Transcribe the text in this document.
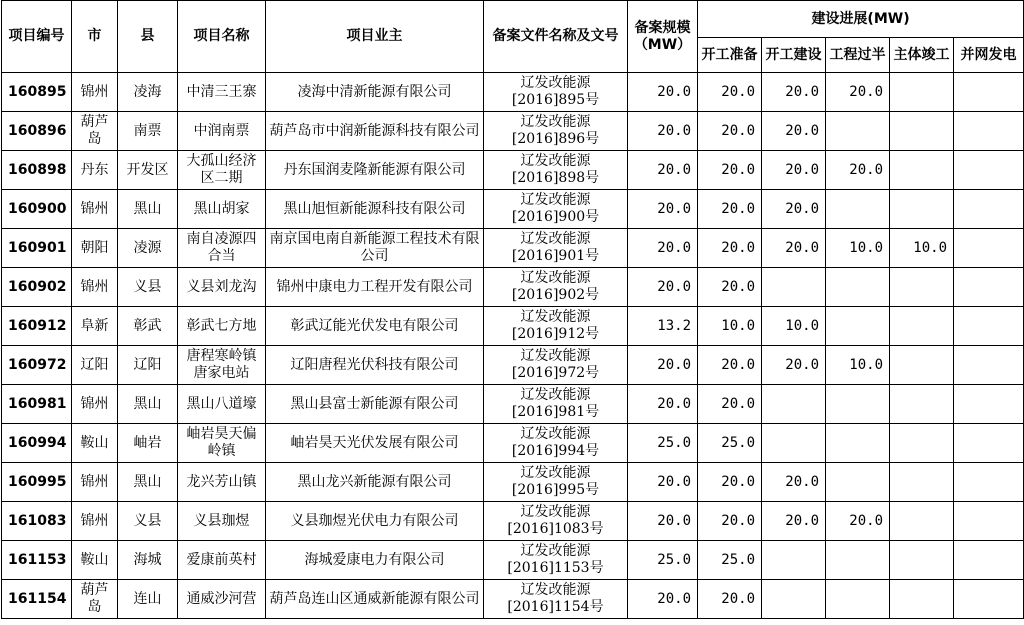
项目编号	市	县	项目名称	项目业主	备案文件名称及文号	备案规模（MW）	建设进展(MW)				
							开工准备	开工建设	工程过半	主体竣工	并网发电
160895	锦州	凌海	中清三王寨	凌海中清新能源有限公司	辽发改能源
[2016]895号	20.0	20.0	20.0	20.0		
160896	葫芦岛	南票	中润南票	葫芦岛市中润新能源科技有限公司	辽发改能源
[2016]896号	20.0	20.0	20.0			
160898	丹东	开发区	大孤山经济区二期	丹东国润麦隆新能源有限公司	辽发改能源
[2016]898号	20.0	20.0	20.0	20.0		
160900	锦州	黑山	黑山胡家	黑山旭恒新能源科技有限公司	辽发改能源
[2016]900号	20.0	20.0	20.0			
160901	朝阳	凌源	南自凌源四合当	南京国电南自新能源工程技术有限公司	辽发改能源
[2016]901号	20.0	20.0	20.0	10.0	10.0	
160902	锦州	义县	义县刘龙沟	锦州中康电力工程开发有限公司	辽发改能源
[2016]902号	20.0	20.0				
160912	阜新	彰武	彰武七方地	彰武辽能光伏发电有限公司	辽发改能源
[2016]912号	13.2	10.0	10.0			
160972	辽阳	辽阳	唐程寒岭镇唐家电站	辽阳唐程光伏科技有限公司	辽发改能源
[2016]972号	20.0	20.0	20.0	10.0		
160981	锦州	黑山	黑山八道壕	黑山县富士新能源有限公司	辽发改能源
[2016]981号	20.0	20.0				
160994	鞍山	岫岩	岫岩昊天偏岭镇	岫岩昊天光伏发展有限公司	辽发改能源
[2016]994号	25.0	25.0				
160995	锦州	黑山	龙兴芳山镇	黑山龙兴新能源有限公司	辽发改能源
[2016]995号	20.0	20.0	20.0			
161083	锦州	义县	义县珈煜	义县珈煜光伏电力有限公司	辽发改能源
[2016]1083号	20.0	20.0	20.0	20.0		
161153	鞍山	海城	爱康前英村	海城爱康电力有限公司	辽发改能源
[2016]1153号	25.0	25.0				
161154	葫芦岛	连山	通威沙河营	葫芦岛连山区通威新能源有限公司	辽发改能源
[2016]1154号	20.0	20.0				
